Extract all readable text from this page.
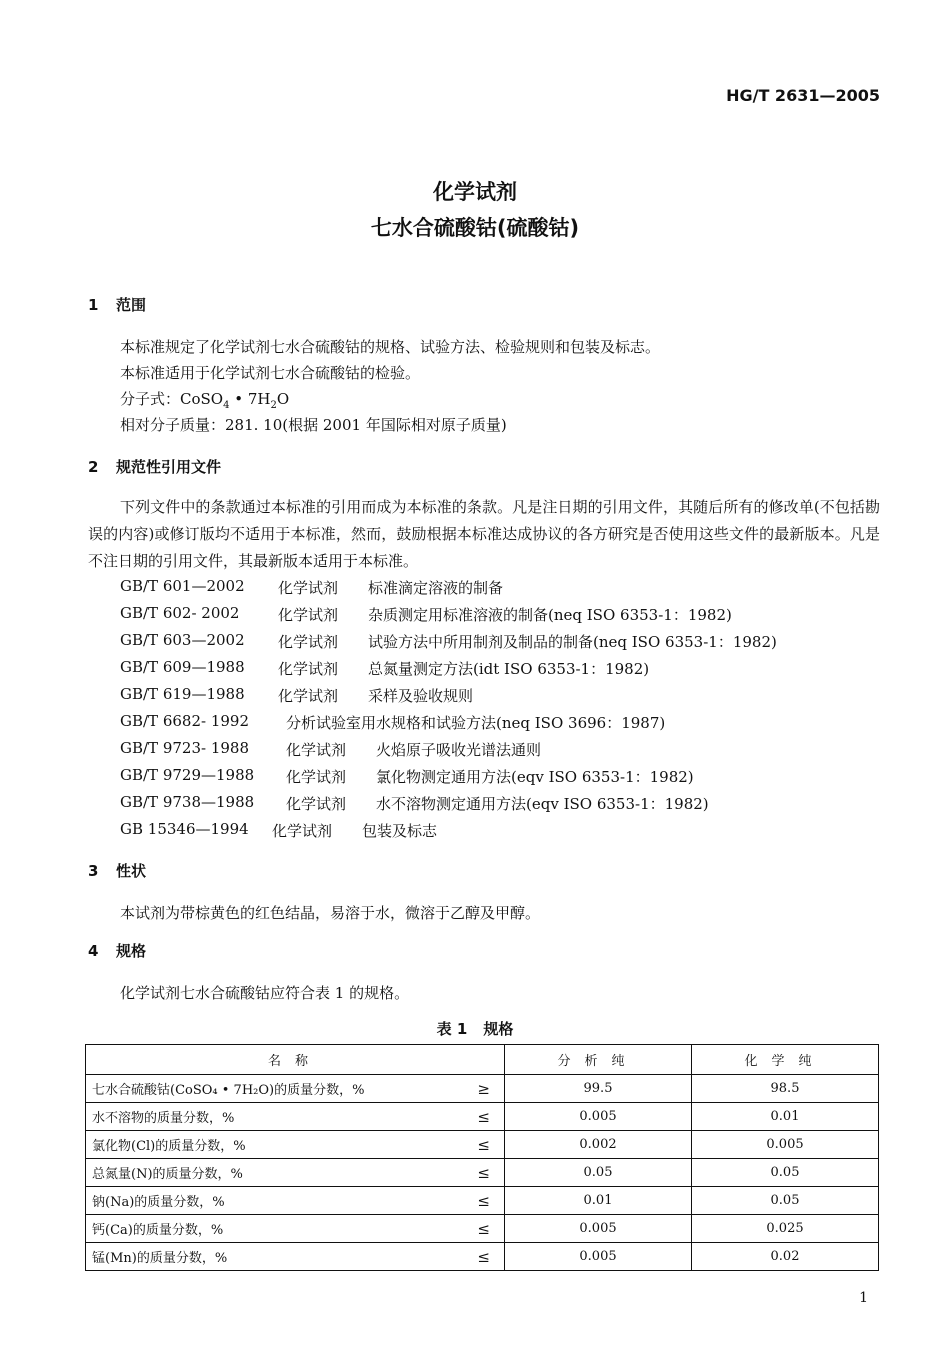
HG/T 2631—2005
化学试剂
七水合硫酸钴(硫酸钴)
1 范围
本标准规定了化学试剂七水合硫酸钴的规格、试验方法、检验规则和包装及标志。
本标准适用于化学试剂七水合硫酸钴的检验。
分子式：CoSO$_4$ • $7H_2O$
相对分子质量：281. 10(根据 2001 年国际相对原子质量)
2 规范性引用文件
下列文件中的条款通过本标准的引用而成为本标准的条款。凡是注日期的引用文件，其随后所有的修改单(不包括勘误的内容)或修订版均不适用于本标准，然而，鼓励根据本标准达成协议的各方研究是否使用这些文件的最新版本。凡是不注日期的引用文件，其最新版本适用于本标准。
GB/T 601—2002 化学试剂 标准滴定溶液的制备
GB/T 602- 2002	化学试剂 杂质测定用标准溶液的制备(neq ISO 6353-1：1982)
GB/T 603—2002 化学试剂 试验方法中所用制剂及制品的制备(neq ISO 6353-1：1982)
GB/T 609—1988 化学试剂 总氮量测定方法(idt ISO 6353-1：1982)
GB/T 619—1988 化学试剂 采样及验收规则
GB/T 6682- 1992 分析试验室用水规格和试验方法(neq ISO 3696：1987)
GB/T 9723- 1988 化学试剂 火焰原子吸收光谱法通则
GB/T 9729—1988 化学试剂 氯化物测定通用方法(eqv ISO 6353-1：1982)
GB/T 9738—1988 化学试剂 水不溶物测定通用方法(eqv ISO 6353-1：1982)
GB 15346—1994 化学试剂 包装及标志
3 性状
本试剂为带棕黄色的红色结晶，易溶于水，微溶于乙醇及甲醇。
4 规格
化学试剂七水合硫酸钴应符合表 1 的规格。
表 1 规格
名称		分析纯	化学纯
七水合硫酸钴(CoSO₄ • 7H₂O)的质量分数，%	≥	99.5	98.5
水不溶物的质量分数，%	≤	0.005	0.01
氯化物(Cl)的质量分数，%	≤	0.002	0.005
总氮量(N)的质量分数，%	≤	0.05	0.05
钠(Na)的质量分数，%	≤	0.01	0.05
钙(Ca)的质量分数，%	≤	0.005	0.025
锰(Mn)的质量分数，%	≤	0.005	0.02
1
